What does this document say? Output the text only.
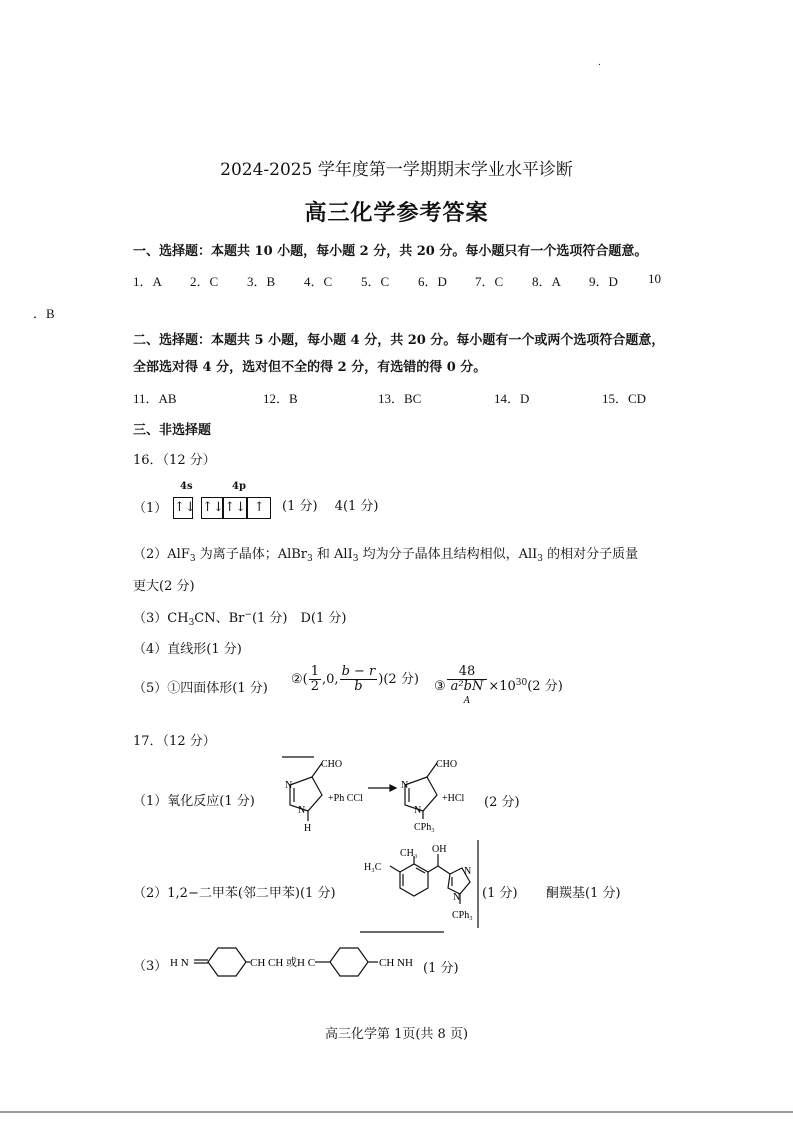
.
2024-2025 学年度第一学期期末学业水平诊断
高三化学参考答案
一、选择题：本题共 10 小题，每小题 2 分，共 20 分。每小题只有一个选项符合题意。
1．A 2．C 3．B 4．C 5．C 6．D 7．C 8．A 9．D 10
．B
二、选择题：本题共 5 小题，每小题 4 分，共 20 分。每小题有一个或两个选项符合题意，
全部选对得 4 分，选对但不全的得 2 分，有选错的得 0 分。
11．AB	12．B	13．BC	14．D	15．CD
三、非选择题
16．（12 分）
（1）
4s	4p
↑↓ ↑↓↑↓ ↑	(1 分)　 4(1 分)
（2）AlF$_3$ 为离子晶体；AlBr$_3$ 和 AlI$_3$ 均为分子晶体且结构相似，AlI$_3$ 的相对分子质量
更大(2 分)
$(3)CH_3CN$、Br−(1 分)　D(1 分)
（4）直线形(1 分)
（5）①四面体形(1 分)
②( $\frac{1}{2} ,0$, $\frac{b - r}{b} )(2$ 分) ③ 48
a²bN
$A \times 10^{30}(2$ 分)
17．（12 分）
（1）氧化反应(1 分)
CHO
N
N
H
+Ph CCl
CHO
N
N
CPh₃
+HCl (2 分)
（2）1,2−二甲苯(邻二甲苯)(1 分)
H₃C
CH₃ OH
N
N
CPh₃
(1 分) 酮羰基(1 分)
（3） H N	CH CH 或H C	CH NH (1 分)
高三化学第 1页(共 8 页)
